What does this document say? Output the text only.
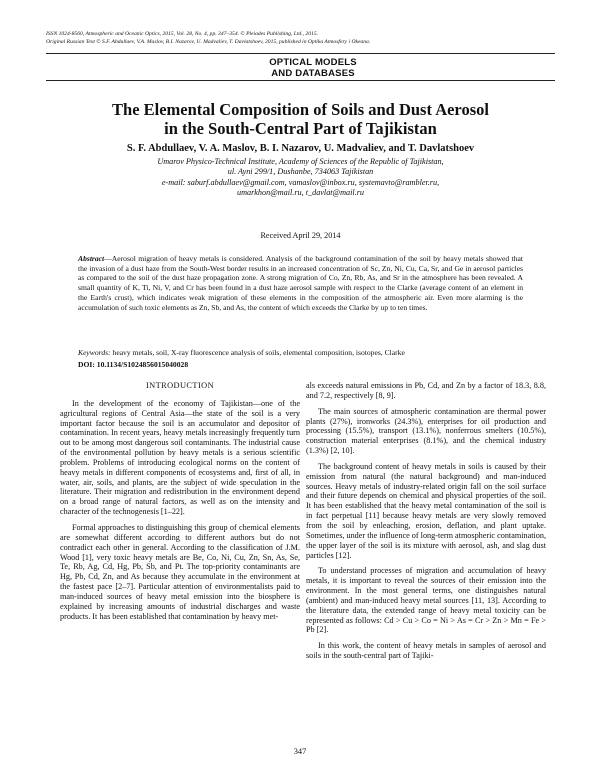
ISSN 1024-8560, Atmospheric and Oceanic Optics, 2015, Vol. 28, No. 4, pp. 347–354. © Pleiades Publishing, Ltd., 2015.
Original Russian Text © S.F. Abdullaev, V.A. Maslov, B.I. Nazarov, U. Madvaliev, T. Davlatshoev, 2015, published in Optika Atmosfery i Okeana.
OPTICAL MODELS
AND DATABASES
The Elemental Composition of Soils and Dust Aerosol
in the South-Central Part of Tajikistan
S. F. Abdullaev, V. A. Maslov, B. I. Nazarov, U. Madvaliev, and T. Davlatshoev
Umarov Physico-Technical Institute, Academy of Sciences of the Republic of Tajikistan,
ul. Ayni 299/1, Dushanbe, 734063 Tajikistan
e-mail: saburf.abdullaev@gmail.com, vamaslov@inbox.ru, systemavto@rambler.ru,
umarkhon@mail.ru, t_davlat@mail.ru
Received April 29, 2014
Abstract—Aerosol migration of heavy metals is considered. Analysis of the background contamination of the soil by heavy metals showed that the invasion of a dust haze from the South-West border results in an increased concentration of Sc, Zn, Ni, Cu, Ca, Sr, and Ge in aerosol particles as compared to the soil of the dust haze propagation zone. A strong migration of Co, Zn, Rb, As, and Sr in the atmosphere has been revealed. A small quantity of K, Ti, Ni, V, and Cr has been found in a dust haze aerosol sample with respect to the Clarke (average content of an element in the Earth's crust), which indicates weak migration of these elements in the composition of the atmospheric air. Even more alarming is the accumulation of such toxic elements as Zn, Sb, and As, the content of which exceeds the Clarke by up to ten times.
Keywords: heavy metals, soil, X-ray fluorescence analysis of soils, elemental composition, isotopes, Clarke
DOI: 10.1134/S1024856015040028
INTRODUCTION

In the development of the economy of Tajikistan—one of the agricultural regions of Central Asia—the state of the soil is a very important factor because the soil is an accumulator and depositor of contamination. In recent years, heavy metals increasingly frequently turn out to be among most dangerous soil contaminants. The industrial cause of the environmental pollution by heavy metals is a serious scientific problem. Problems of introducing ecological norms on the content of heavy metals in different components of ecosystems and, first of all, in water, air, soils, and plants, are the subject of wide speculation in the literature. Their migration and redistribution in the environment depend on a broad range of natural factors, as well as on the intensity and character of the technogenesis [1–22].

Formal approaches to distinguishing this group of chemical elements are somewhat different according to different authors but do not contradict each other in general. According to the classification of J.M. Wood [1], very toxic heavy metals are Be, Co, Ni, Cu, Zn, Sn, As, Se, Te, Rb, Ag, Cd, Hg, Pb, Sb, and Pt. The top-priority contaminants are Hg, Pb, Cd, Zn, and As because they accumulate in the environment at the fastest pace [2–7]. Particular attention of environmentalists paid to man-induced sources of heavy metal emission into the biosphere is explained by increasing amounts of industrial discharges and waste products. It has been established that contamination by heavy met-

als exceeds natural emissions in Pb, Cd, and Zn by a factor of 18.3, 8.8, and 7.2, respectively [8, 9].

The main sources of atmospheric contamination are thermal power plants (27%), ironworks (24.3%), enterprises for oil production and processing (15.5%), transport (13.1%), nonferrous smelters (10.5%), construction material enterprises (8.1%), and the chemical industry (1.3%) [2, 10].

The background content of heavy metals in soils is caused by their emission from natural (the natural background) and man-induced sources. Heavy metals of industry-related origin fall on the soil surface and their future depends on chemical and physical properties of the soil. It has been established that the heavy metal contamination of the soil is in fact perpetual [11] because heavy metals are very slowly removed from the soil by enleaching, erosion, deflation, and plant uptake. Sometimes, under the influence of long-term atmospheric contamination, the upper layer of the soil is its mixture with aerosol, ash, and slag dust particles [12].

To understand processes of migration and accumulation of heavy metals, it is important to reveal the sources of their emission into the environment. In the most general terms, one distinguishes natural (ambient) and man-induced heavy metal sources [11, 13]. According to the literature data, the extended range of heavy metal toxicity can be represented as follows: Cd > Cu > Co = Ni > As = Cr > Zn > Mn = Fe > Pb [2].

In this work, the content of heavy metals in samples of aerosol and soils in the south-central part of Tajiki-

347
